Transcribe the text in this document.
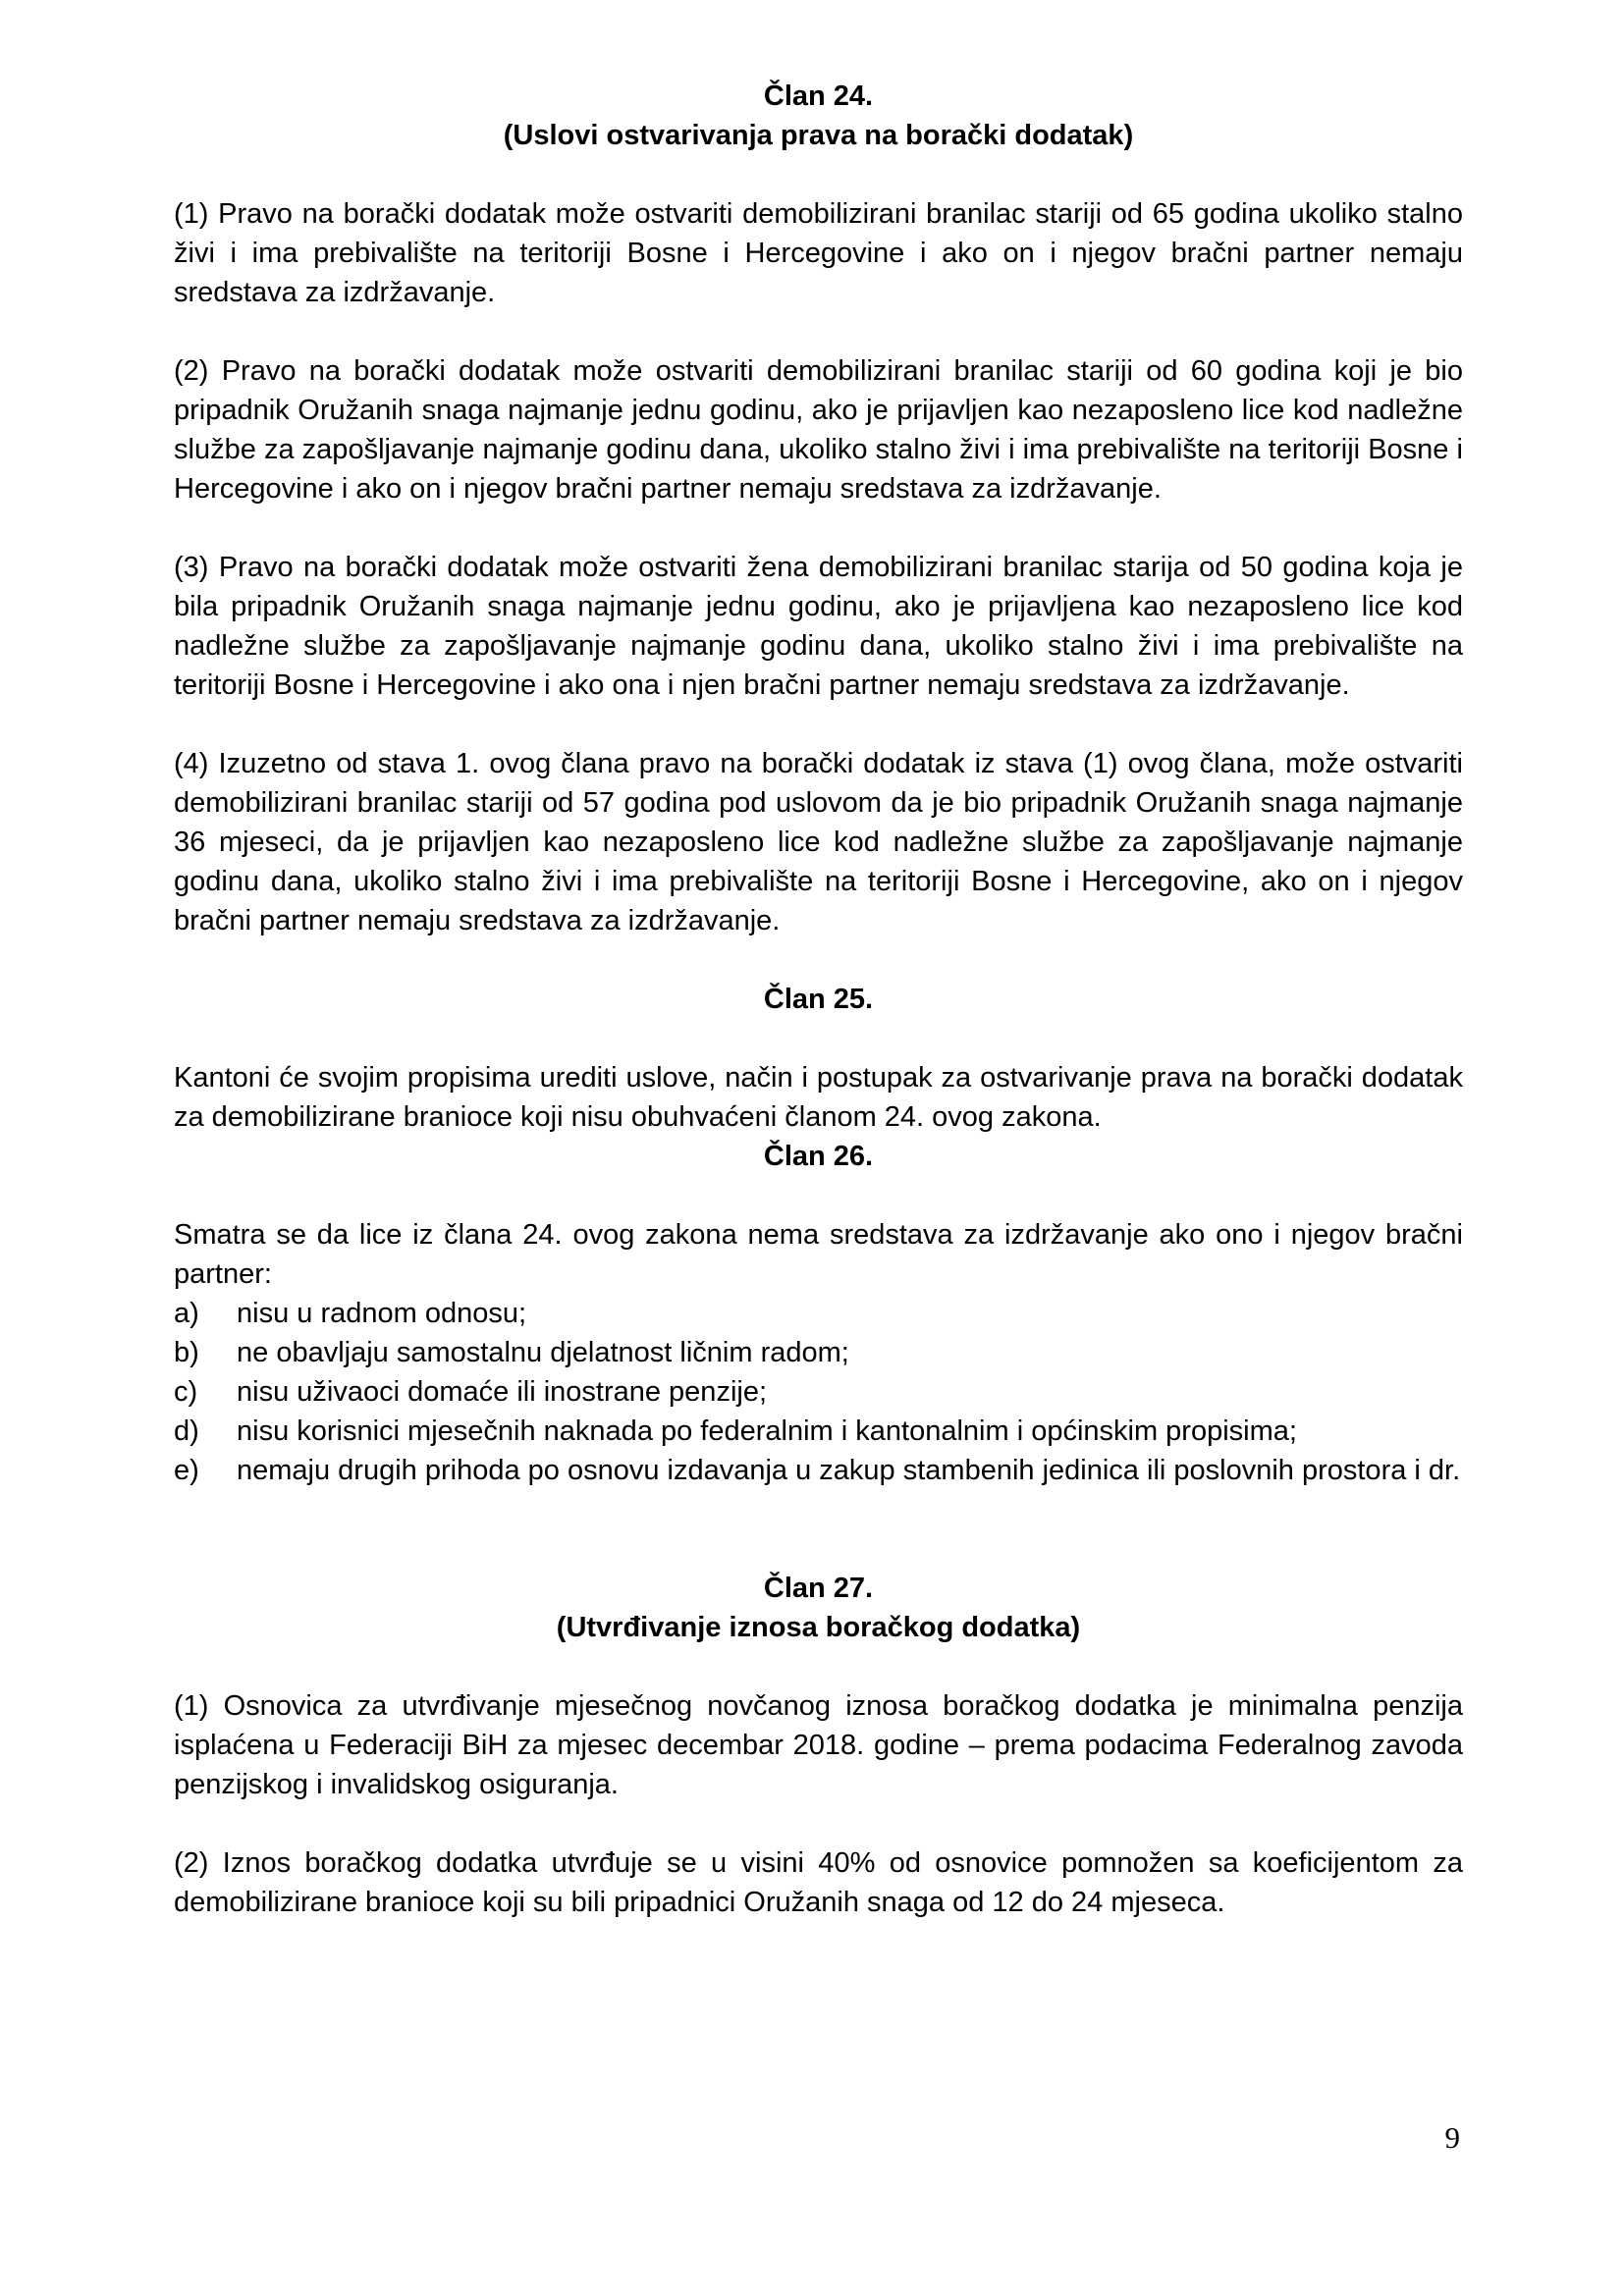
Član 24.
(Uslovi ostvarivanja prava na borački dodatak)

(1) Pravo na borački dodatak može ostvariti demobilizirani branilac stariji od 65 godina ukoliko stalno živi i ima prebivalište na teritoriji Bosne i Hercegovine i ako on i njegov bračni partner nemaju sredstava za izdržavanje.

(2) Pravo na borački dodatak može ostvariti demobilizirani branilac stariji od 60 godina koji je bio pripadnik Oružanih snaga najmanje jednu godinu, ako je prijavljen kao nezaposleno lice kod nadležne službe za zapošljavanje najmanje godinu dana, ukoliko stalno živi i ima prebivalište na teritoriji Bosne i Hercegovine i ako on i njegov bračni partner nemaju sredstava za izdržavanje.

(3) Pravo na borački dodatak može ostvariti žena demobilizirani branilac starija od 50 godina koja je bila pripadnik Oružanih snaga najmanje jednu godinu, ako je prijavljena kao nezaposleno lice kod nadležne službe za zapošljavanje najmanje godinu dana, ukoliko stalno živi i ima prebivalište na teritoriji Bosne i Hercegovine i ako ona i njen bračni partner nemaju sredstava za izdržavanje.

(4) Izuzetno od stava 1. ovog člana pravo na borački dodatak iz stava (1) ovog člana, može ostvariti demobilizirani branilac stariji od 57 godina pod uslovom da je bio pripadnik Oružanih snaga najmanje 36 mjeseci, da je prijavljen kao nezaposleno lice kod nadležne službe za zapošljavanje najmanje godinu dana, ukoliko stalno živi i ima prebivalište na teritoriji Bosne i Hercegovine, ako on i njegov bračni partner nemaju sredstava za izdržavanje.

Član 25.

Kantoni će svojim propisima urediti uslove, način i postupak za ostvarivanje prava na borački dodatak za demobilizirane branioce koji nisu obuhvaćeni članom 24. ovog zakona.

Član 26.

Smatra se da lice iz člana 24. ovog zakona nema sredstava za izdržavanje ako ono i njegov bračni partner:

a) nisu u radnom odnosu;

b) ne obavljaju samostalnu djelatnost ličnim radom;

c) nisu uživaoci domaće ili inostrane penzije;

d) nisu korisnici mjesečnih naknada po federalnim i kantonalnim i općinskim propisima;

e) nemaju drugih prihoda po osnovu izdavanja u zakup stambenih jedinica ili poslovnih prostora i dr.

Član 27.
(Utvrđivanje iznosa boračkog dodatka)

(1) Osnovica za utvrđivanje mjesečnog novčanog iznosa boračkog dodatka je minimalna penzija isplaćena u Federaciji BiH za mjesec decembar 2018. godine – prema podacima Federalnog zavoda penzijskog i invalidskog osiguranja.

(2) Iznos boračkog dodatka utvrđuje se u visini 40% od osnovice pomnožen sa koeficijentom za demobilizirane branioce koji su bili pripadnici Oružanih snaga od 12 do 24 mjeseca.

9
